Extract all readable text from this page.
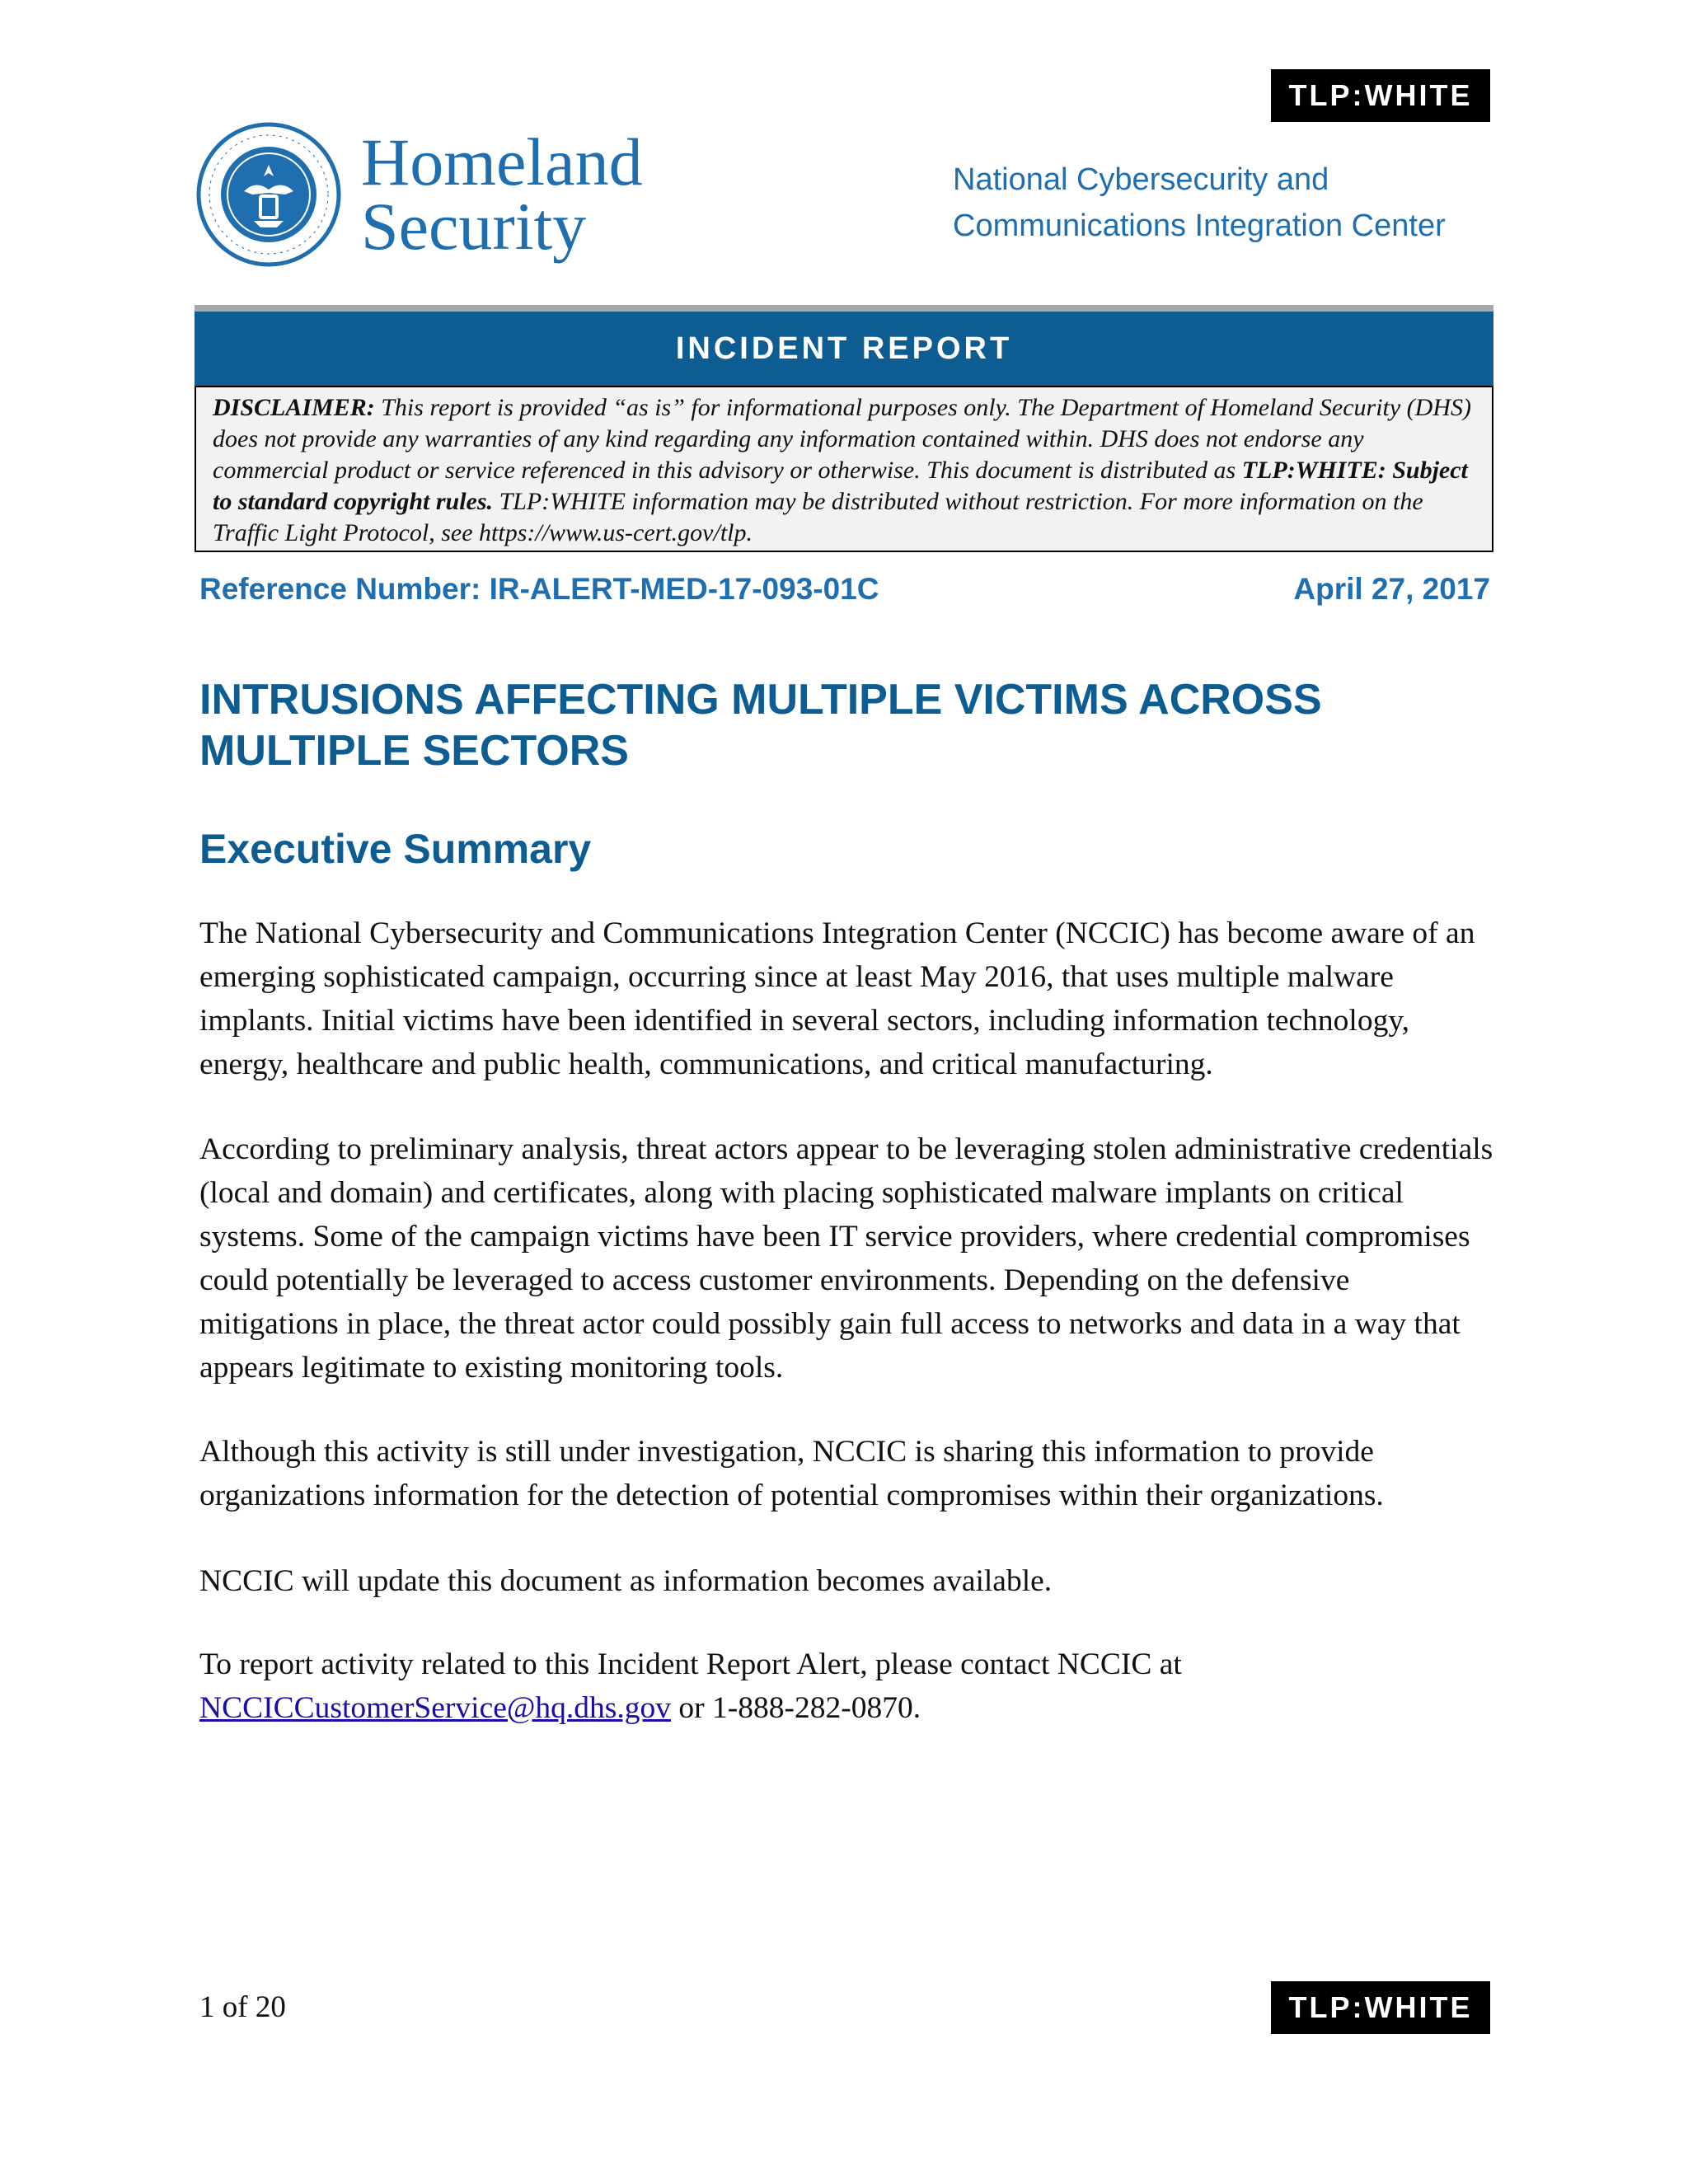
TLP:WHITE
Homeland
Security
National Cybersecurity and
Communications Integration Center
INCIDENT REPORT
DISCLAIMER: This report is provided “as is” for informational purposes only. The Department of Homeland Security (DHS) does not provide any warranties of any kind regarding any information contained within. DHS does not endorse any commercial product or service referenced in this advisory or otherwise. This document is distributed as TLP:WHITE: Subject to standard copyright rules. TLP:WHITE information may be distributed without restriction. For more information on the Traffic Light Protocol, see https://www.us-cert.gov/tlp.
Reference Number: IR-ALERT-MED-17-093-01C	April 27, 2017
INTRUSIONS AFFECTING MULTIPLE VICTIMS ACROSS MULTIPLE SECTORS
Executive Summary

The National Cybersecurity and Communications Integration Center (NCCIC) has become aware of an emerging sophisticated campaign, occurring since at least May 2016, that uses multiple malware implants. Initial victims have been identified in several sectors, including information technology, energy, healthcare and public health, communications, and critical manufacturing.

According to preliminary analysis, threat actors appear to be leveraging stolen administrative credentials (local and domain) and certificates, along with placing sophisticated malware implants on critical systems. Some of the campaign victims have been IT service providers, where credential compromises could potentially be leveraged to access customer environments. Depending on the defensive mitigations in place, the threat actor could possibly gain full access to networks and data in a way that appears legitimate to existing monitoring tools.

Although this activity is still under investigation, NCCIC is sharing this information to provide organizations information for the detection of potential compromises within their organizations.

NCCIC will update this document as information becomes available.

To report activity related to this Incident Report Alert, please contact NCCIC at NCCICCustomerService@hq.dhs.gov or 1-888-282-0870.

1 of 20	TLP:WHITE
